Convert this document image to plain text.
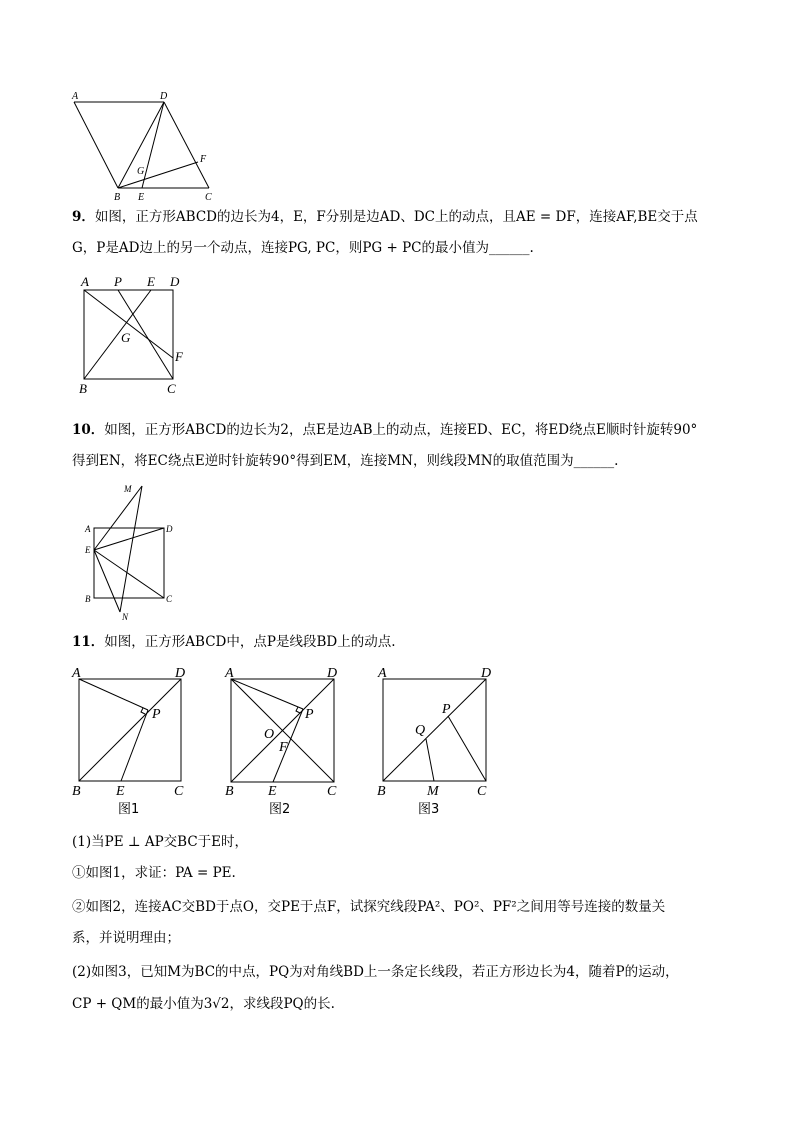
A	D
G
F
B E	C
9．如图，正方形ABCD的边长为4，E，F分别是边AD、DC上的动点，且AE = DF，连接AF,BE交于点
G，P是AD边上的另一个动点，连接PG, PC，则PG + PC的最小值为______.
A P E D
G
F
B	C
10．如图，正方形ABCD的边长为2，点E是边AB上的动点，连接ED、EC，将ED绕点E顺时针旋转90°
得到EN，将EC绕点E逆时针旋转90°得到EM，连接MN，则线段MN的取值范围为______.
M
A	D
E
B	C
N
11．如图，正方形ABCD中，点P是线段BD上的动点.
A	D
P
B	E	C
图1
A	D
P
O
F
B E	C
图2
A	D
P
Q
B	M	C
图3
(1)当PE ⊥ AP交BC于E时，
①如图1，求证：PA = PE.
②如图2，连接AC交BD于点O，交PE于点F，试探究线段PA²、PO²、PF²之间用等号连接的数量关
系，并说明理由；
(2)如图3，已知M为BC的中点，PQ为对角线BD上一条定长线段，若正方形边长为4，随着P的运动，
CP + QM的最小值为3√2，求线段PQ的长.
